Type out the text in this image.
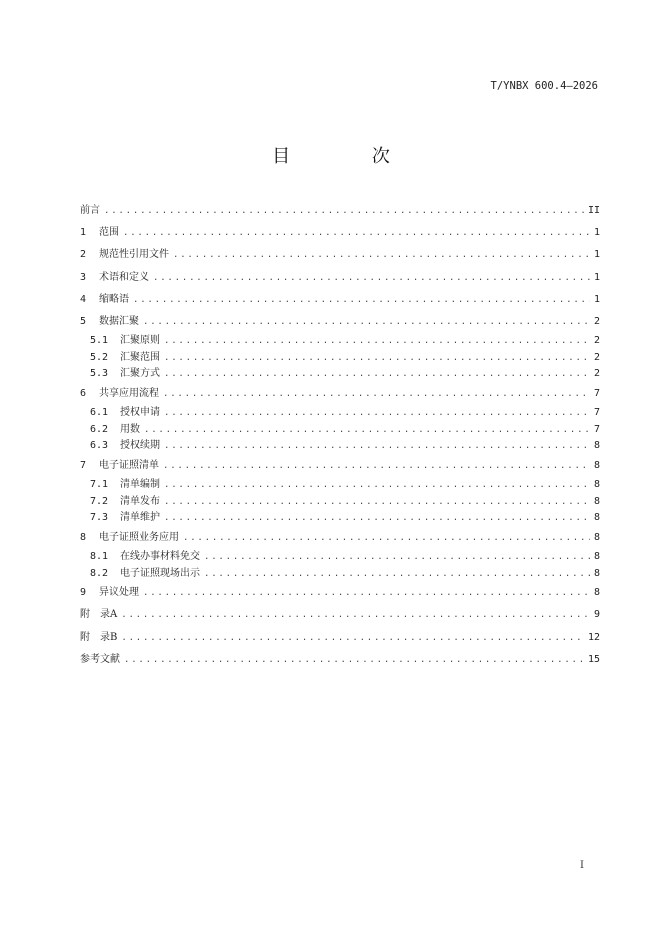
T/YNBX 600.4—2026
目 次
前言 .....	II
1	范围 .....	1
2	规范性引用文件 .....	1
3	术语和定义 .....	1
4	缩略语 .....	1
5	数据汇聚 .....	2
5.1	汇聚原则 .....	2
5.2	汇聚范围 .....	2
5.3	汇聚方式 .....	2
6	共享应用流程 .....	7
6.1	授权申请 .....	7
6.2	用数 .....	7
6.3	授权续期 .....	8
7	电子证照清单 .....	8
7.1	清单编制 .....	8
7.2	清单发布 .....	8
7.3	清单维护 .....	8
8	电子证照业务应用 .....	8
8.1	在线办事材料免交 .....	8
8.2	电子证照现场出示 .....	8
9	异议处理 .....	8
附　录A .....	9
附　录B .....	12
参考文献 .....	15
I
